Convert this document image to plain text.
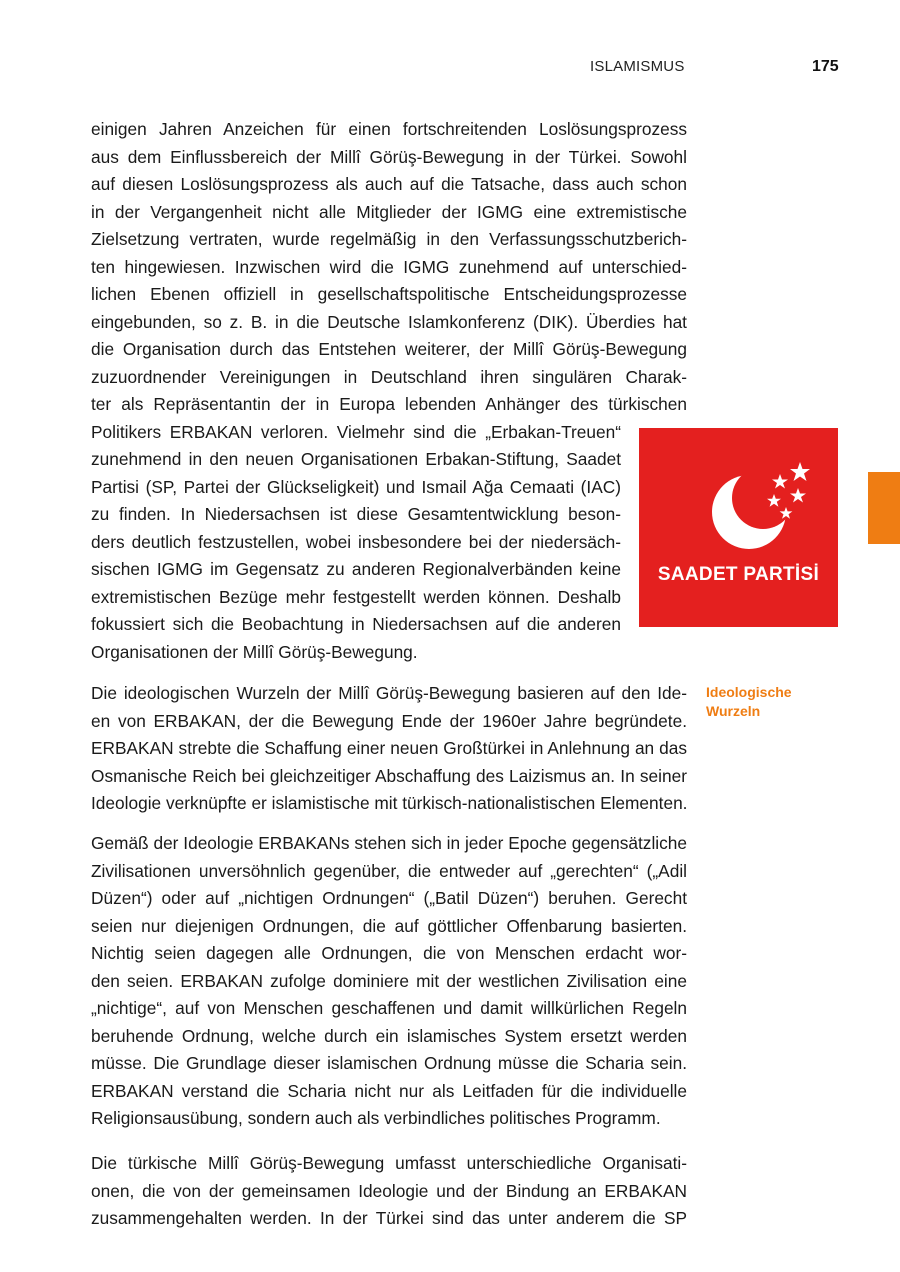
ISLAMISMUS	175
einigen Jahren Anzeichen für einen fortschreitenden Loslösungsprozess
aus dem Einflussbereich der Millî Görüş-Bewegung in der Türkei. Sowohl
auf diesen Loslösungsprozess als auch auf die Tatsache, dass auch schon
in der Vergangenheit nicht alle Mitglieder der IGMG eine extremistische
Zielsetzung vertraten, wurde regelmäßig in den Verfassungsschutzberich-
ten hingewiesen. Inzwischen wird die IGMG zunehmend auf unterschied-
lichen Ebenen offiziell in gesellschaftspolitische Entscheidungsprozesse
eingebunden, so z. B. in die Deutsche Islamkonferenz (DIK). Überdies hat
die Organisation durch das Entstehen weiterer, der Millî Görüş-Bewegung
zuzuordnender Vereinigungen in Deutschland ihren singulären Charak-
ter als Repräsentantin der in Europa lebenden Anhänger des türkischen
Politikers ERBAKAN verloren. Vielmehr sind die „Erbakan-Treuen“
zunehmend in den neuen Organisationen Erbakan-Stiftung, Saadet
Partisi (SP, Partei der Glückseligkeit) und Ismail Ağa Cemaati (IAC)
zu finden. In Niedersachsen ist diese Gesamtentwicklung beson-
ders deutlich festzustellen, wobei insbesondere bei der niedersäch-
sischen IGMG im Gegensatz zu anderen Regionalverbänden keine
extremistischen Bezüge mehr festgestellt werden können. Deshalb
fokussiert sich die Beobachtung in Niedersachsen auf die anderen
Organisationen der Millî Görüş-Bewegung.
SAADET PARTİSİ
Ideologische
Wurzeln
Die ideologischen Wurzeln der Millî Görüş-Bewegung basieren auf den Ide-
en von ERBAKAN, der die Bewegung Ende der 1960er Jahre begründete.
ERBAKAN strebte die Schaffung einer neuen Großtürkei in Anlehnung an das
Osmanische Reich bei gleichzeitiger Abschaffung des Laizismus an. In seiner
Ideologie verknüpfte er islamistische mit türkisch-nationalistischen Elementen.
Gemäß der Ideologie ERBAKANs stehen sich in jeder Epoche gegensätzliche
Zivilisationen unversöhnlich gegenüber, die entweder auf „gerechten“ („Adil
Düzen“) oder auf „nichtigen Ordnungen“ („Batil Düzen“) beruhen. Gerecht
seien nur diejenigen Ordnungen, die auf göttlicher Offenbarung basierten.
Nichtig seien dagegen alle Ordnungen, die von Menschen erdacht wor-
den seien. ERBAKAN zufolge dominiere mit der westlichen Zivilisation eine
„nichtige“, auf von Menschen geschaffenen und damit willkürlichen Regeln
beruhende Ordnung, welche durch ein islamisches System ersetzt werden
müsse. Die Grundlage dieser islamischen Ordnung müsse die Scharia sein.
ERBAKAN verstand die Scharia nicht nur als Leitfaden für die individuelle
Religionsausübung, sondern auch als verbindliches politisches Programm.
Die türkische Millî Görüş-Bewegung umfasst unterschiedliche Organisati-
onen, die von der gemeinsamen Ideologie und der Bindung an ERBAKAN
zusammengehalten werden. In der Türkei sind das unter anderem die SP
